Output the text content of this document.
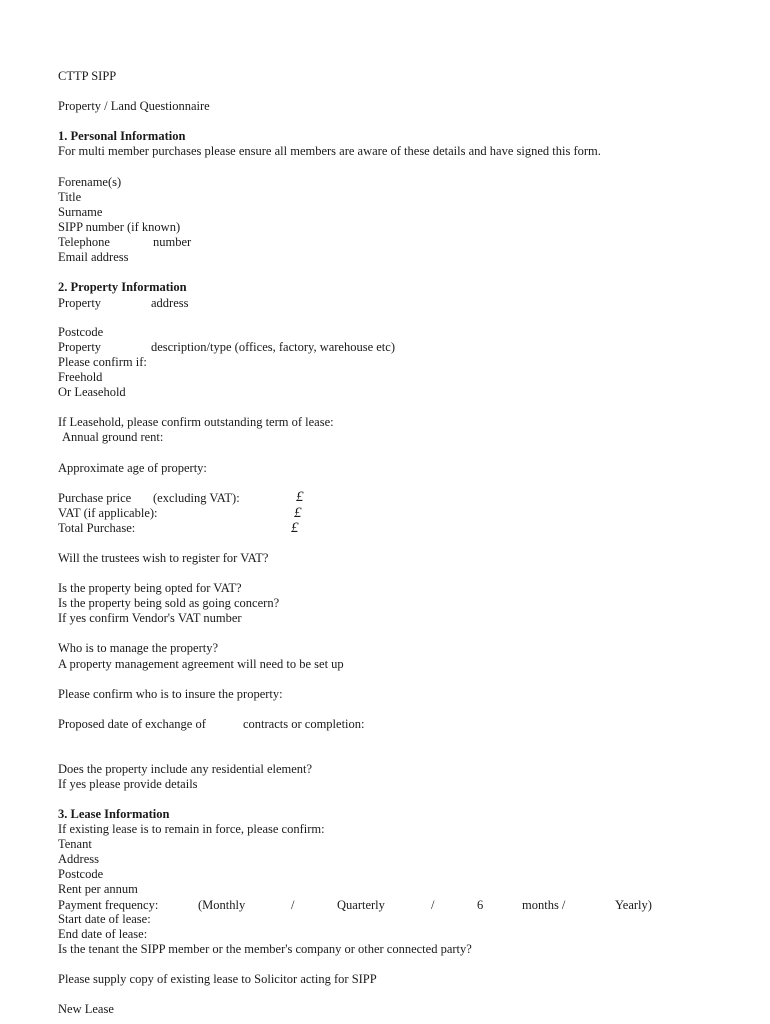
CTTP SIPP
Property / Land Questionnaire
1. Personal Information
For multi member purchases please ensure all members are aware of these details and have signed this form.
Forename(s)
Title
Surname
SIPP number (if known)
Telephone	number
Email address
2. Property Information
Property	address
Postcode
Property	description/type (offices, factory, warehouse etc)
Please confirm if:
Freehold
Or Leasehold
If Leasehold, please confirm outstanding term of lease:
Annual ground rent:
Approximate age of property:
Purchase price (excluding VAT):	£
VAT (if applicable):	£
Total Purchase:	£
Will the trustees wish to register for VAT?
Is the property being opted for VAT?
Is the property being sold as going concern?
If yes confirm Vendor's VAT number
Who is to manage the property?
A property management agreement will need to be set up
Please confirm who is to insure the property:
Proposed date of exchange of	contracts or completion:
Does the property include any residential element?
If yes please provide details
3. Lease Information
If existing lease is to remain in force, please confirm:
Tenant
Address
Postcode
Rent per annum
Payment frequency:	(Monthly	/	Quarterly	/	6	months /	Yearly)
Start date of lease:
End date of lease:
Is the tenant the SIPP member or the member's company or other connected party?
Please supply copy of existing lease to Solicitor acting for SIPP
New Lease
